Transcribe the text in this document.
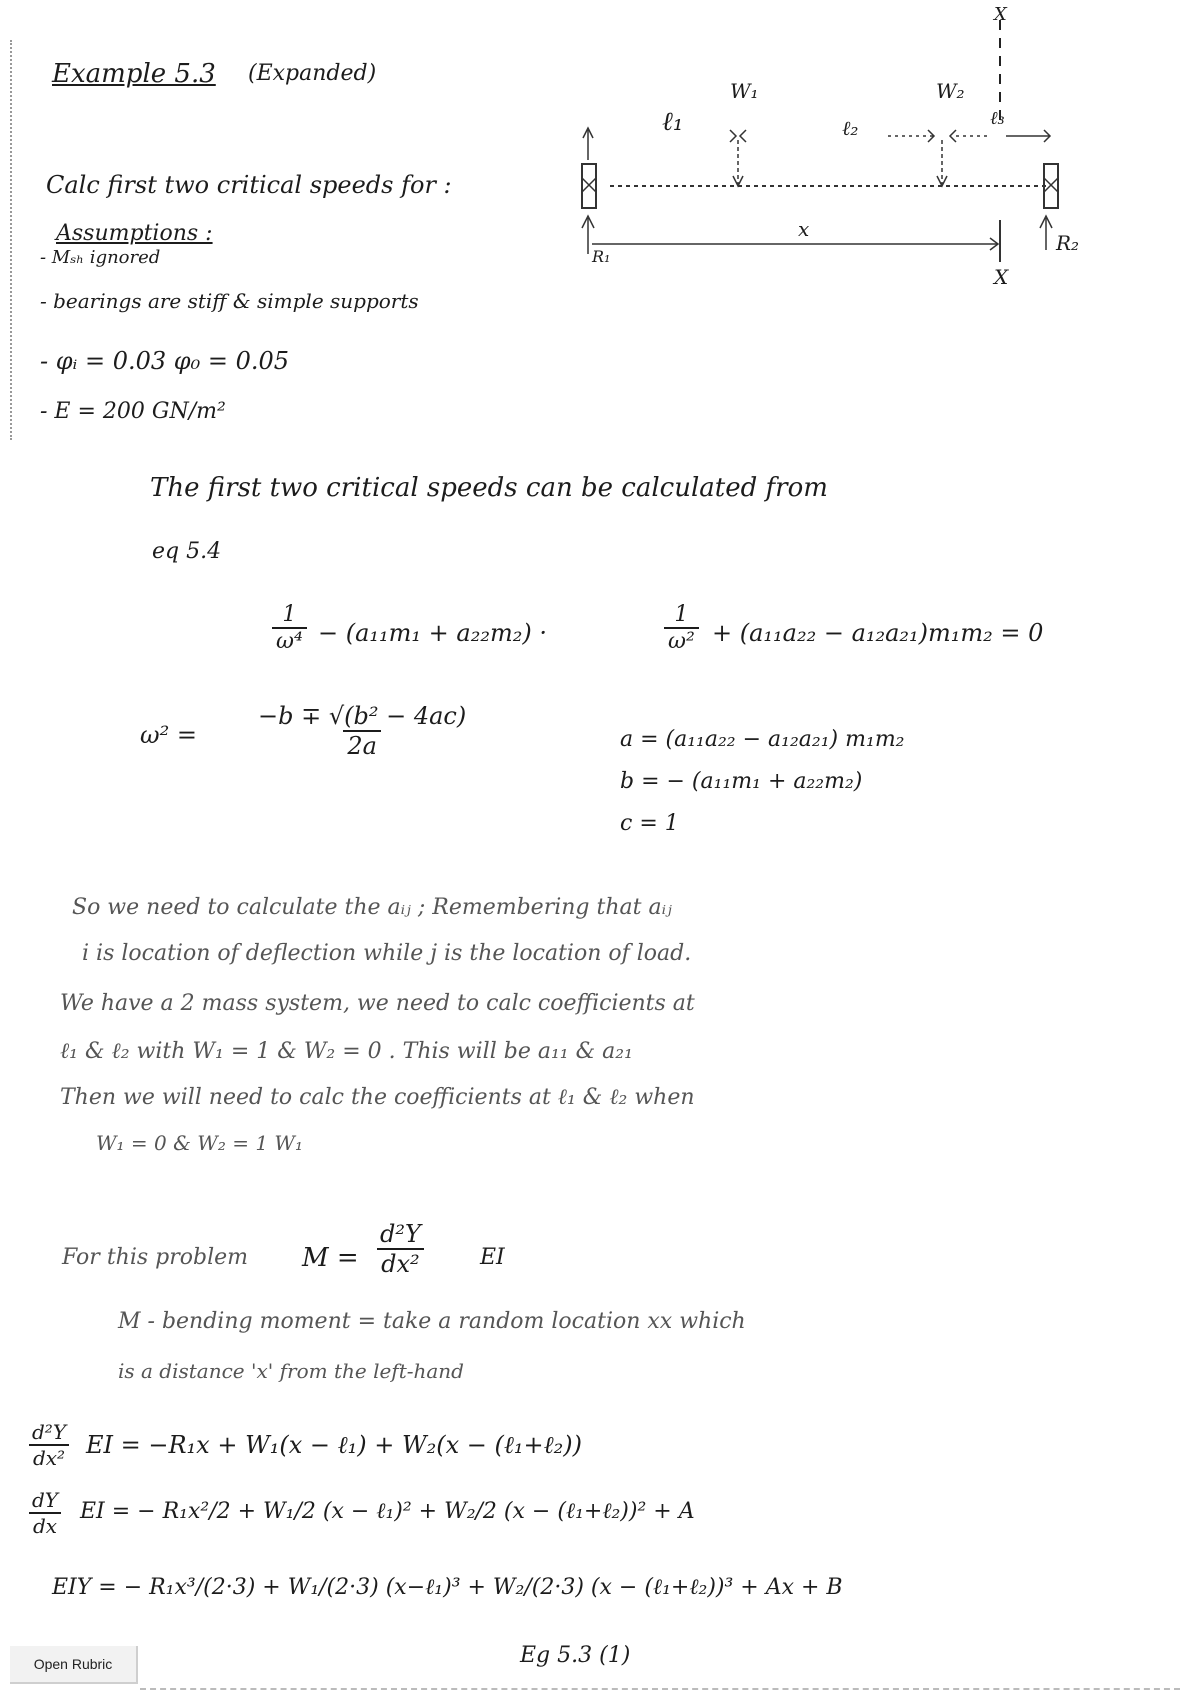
Example 5.3 (Expanded)
X
W₁	W₂
ℓ₁	ℓ₂	ℓ₃
x
X
R₁
R₂
Calc first two critical speeds for :
Assumptions :
- Mₛₕ ignored
- bearings are stiff & simple supports
- φᵢ = 0.03 φ₀ = 0.05
- E = 200 GN/m²
The first two critical speeds can be calculated from
eq 5.4
$\frac{1}{\text{ω⁴}} - (a_{11}m_1 + a_{22}m_2)$ ·	$\frac{1}{\text{ω²}} + (a_{11}a_{22} - a_{12}a_{21})m_1m_2 = 0$
$\omega^2 = \frac{\text{−b ∓ √(b² − 4ac)}}{2a}$	a = (a₁₁a₂₂ − a₁₂a₂₁) m₁m₂
b = − (a₁₁m₁ + a₂₂m₂)
c = 1
So we need to calculate the aᵢⱼ ; Remembering that aᵢⱼ
i is location of deflection while j is the location of load.
We have a 2 mass system, we need to calc coefficients at
ℓ₁ & ℓ₂ with W₁ = 1 & W₂ = 0 . This will be a₁₁ & a₂₁
Then we will need to calc the coefficients at ℓ₁ & ℓ₂ when
W₁ = 0 & W₂ = 1 W₁
For this problem $M = \frac{\text{d²Y}}{\text{dx²}}$	EI
M - bending moment = take a random location xx which
is a distance 'x' from the left-hand
$\frac{\text{d²Y}}{\text{dx²}}$ EI = −R₁x + W₁(x − ℓ₁) + W₂(x − (ℓ₁+ℓ₂))
$\frac{dY}{dx}$ EI = − R₁x²/2 + W₁/2 (x − ℓ₁)² + W₂/2 (x − (ℓ₁+ℓ₂))² + A
EIY = − R₁x³/(2·3) + W₁/(2·3) (x−ℓ₁)³ + W₂/(2·3) (x − (ℓ₁+ℓ₂))³ + Ax + B
Eg 5.3 (1)
Open Rubric
